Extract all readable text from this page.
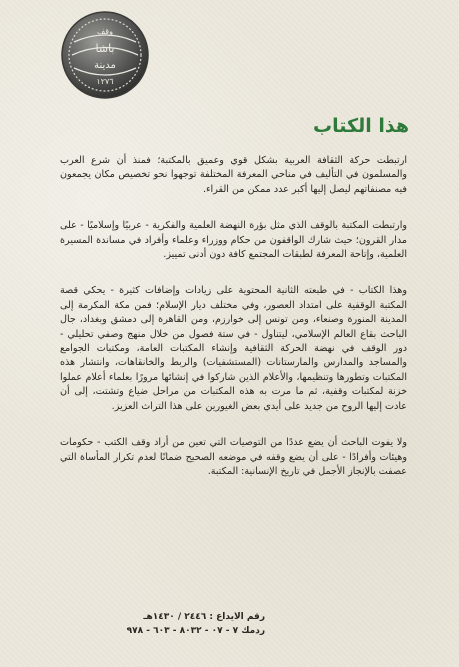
وقف
باشا
مدينة
١٢٧٦
هذا الكتاب

ارتبطت حركة الثقافة العربية بشكل قوي وعميق بالمكتبة؛ فمنذ أن شرع العرب والمسلمون في التأليف في مناحي المعرفة المختلفة توجهوا نحو تخصيص مكان يجمعون فيه مصنفاتهم ليصل إليها أكبر عدد ممكن من القراء.

وارتبطت المكتبة بالوقف الذي مثل بؤرة النهضة العلمية والفكرية - عربيًا وإسلاميًا - على مدار القرون؛ حيث شارك الواقفون من حكام ووزراء وعلماء وأفراد في مساندة المسيرة العلمية، وإتاحة المعرفة لطبقات المجتمع كافة دون أدنى تمييز.

وهذا الكتاب - في طبعته الثانية المحتوية على زيادات وإضافات كثيرة - يحكي قصة المكتبة الوقفية على امتداد العصور، وفي مختلف ديار الإسلام؛ فمن مكة المكرمة إلى المدينة المنورة وصنعاء، ومن تونس إلى خوارزم، ومن القاهرة إلى دمشق وبغداد، جال الباحث بقاع العالم الإسلامي، ليتناول - في ستة فصول من خلال منهج وصفي تحليلي - دور الوقف في نهضة الحركة الثقافية وإنشاء المكتبات العامة، ومكتبات الجوامع والمساجد والمدارس والمارستانات (المستشفيات) والربط والخانقاهات، وانتشار هذه المكتبات وتطورها وتنظيمها، والأعلام الذين شاركوا في إنشائها مرورًا بعلماء أعلام عملوا خزنة لمكتبات وقفية، ثم ما مرت به هذه المكتبات من مراحل ضياع وتشتت، إلى أن عادت إليها الروح من جديد على أيدي بعض الغيورين على هذا التراث العزيز.

ولا يفوت الباحث أن يضع عددًا من التوصيات التي تعين من أراد وقف الكتب - حكومات وهيئات وأفرادًا - على أن يضع وقفه في موضعه الصحيح ضمانًا لعدم تكرار المأساة التي عصفت بالإنجاز الأجمل في تاريخ الإنسانية: المكتبة.

رقم الايداع : ٢٤٤٦ / ١٤٣٠هـ
ردمك ٧ - ٠٧ - ٨٠٣٢ - ٦٠٣ - ٩٧٨
